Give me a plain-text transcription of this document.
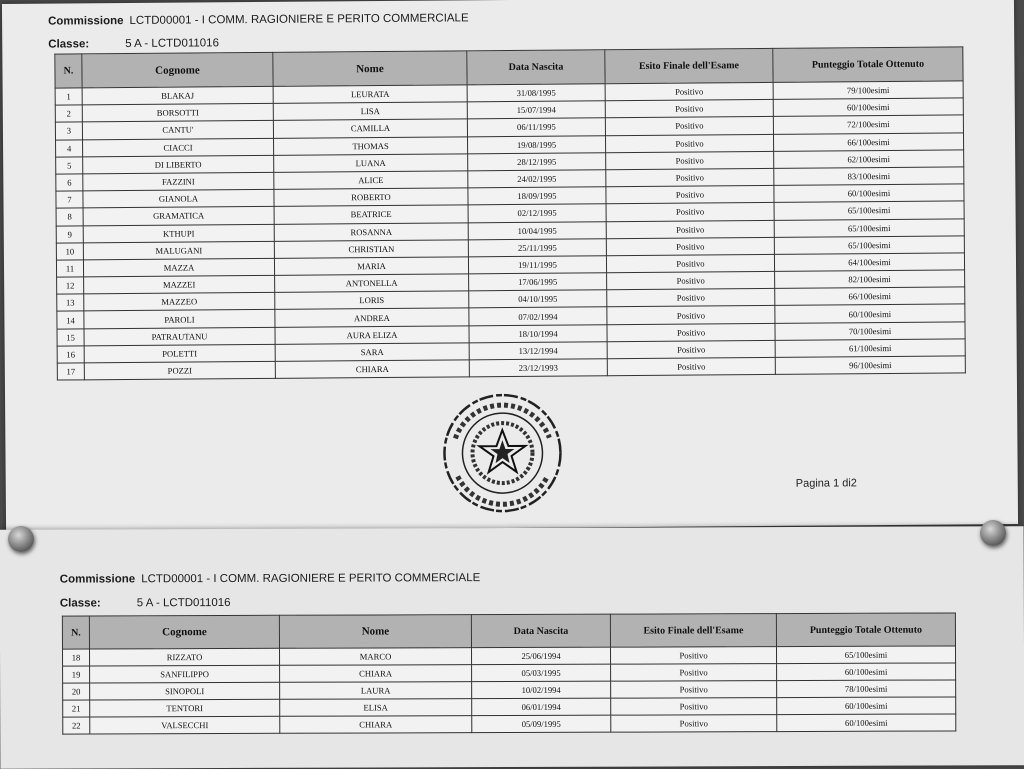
Commissione LCTD00001 - I COMM. RAGIONIERE E PERITO COMMERCIALE
Classe:	5 A - LCTD011016
N.	Cognome	Nome	Data Nascita	Esito Finale dell'Esame	Punteggio Totale Ottenuto
1	BLAKAJ	LEURATA	31/08/1995	Positivo	79/100esimi
2	BORSOTTI	LISA	15/07/1994	Positivo	60/100esimi
3	CANTU'	CAMILLA	06/11/1995	Positivo	72/100esimi
4	CIACCI	THOMAS	19/08/1995	Positivo	66/100esimi
5	DI LIBERTO	LUANA	28/12/1995	Positivo	62/100esimi
6	FAZZINI	ALICE	24/02/1995	Positivo	83/100esimi
7	GIANOLA	ROBERTO	18/09/1995	Positivo	60/100esimi
8	GRAMATICA	BEATRICE	02/12/1995	Positivo	65/100esimi
9	KTHUPI	ROSANNA	10/04/1995	Positivo	65/100esimi
10	MALUGANI	CHRISTIAN	25/11/1995	Positivo	65/100esimi
11	MAZZA	MARIA	19/11/1995	Positivo	64/100esimi
12	MAZZEI	ANTONELLA	17/06/1995	Positivo	82/100esimi
13	MAZZEO	LORIS	04/10/1995	Positivo	66/100esimi
14	PAROLI	ANDREA	07/02/1994	Positivo	60/100esimi
15	PATRAUTANU	AURA ELIZA	18/10/1994	Positivo	70/100esimi
16	POLETTI	SARA	13/12/1994	Positivo	61/100esimi
17	POZZI	CHIARA	23/12/1993	Positivo	96/100esimi
Pagina 1 di2
Commissione LCTD00001 - I COMM. RAGIONIERE E PERITO COMMERCIALE
Classe:	5 A - LCTD011016
N.	Cognome	Nome	Data Nascita	Esito Finale dell'Esame	Punteggio Totale Ottenuto
18	RIZZATO	MARCO	25/06/1994	Positivo	65/100esimi
19	SANFILIPPO	CHIARA	05/03/1995	Positivo	60/100esimi
20	SINOPOLI	LAURA	10/02/1994	Positivo	78/100esimi
21	TENTORI	ELISA	06/01/1994	Positivo	60/100esimi
22	VALSECCHI	CHIARA	05/09/1995	Positivo	60/100esimi
